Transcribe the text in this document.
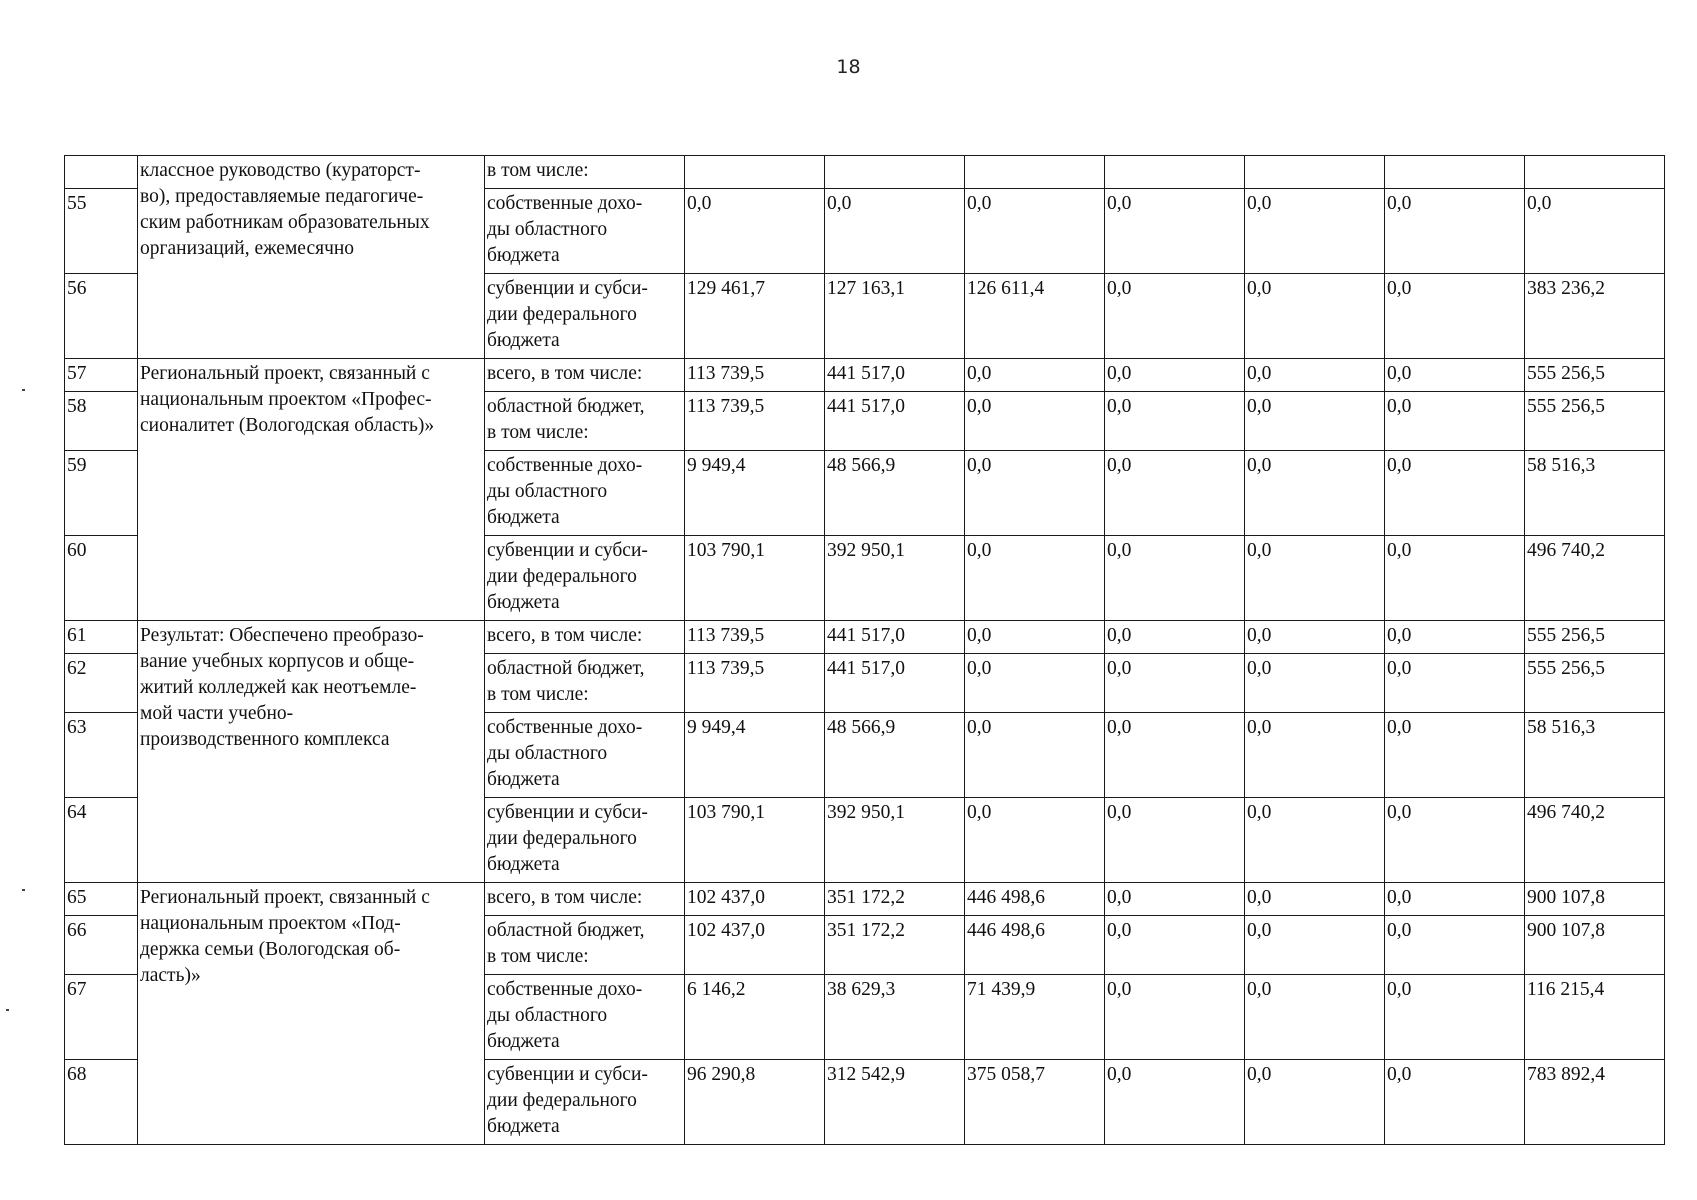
18

	классное руководство (кураторст-
во), предоставляемые педагогиче-
ским работникам образовательных
организаций, ежемесячно	в том числе:							
55		собственные дохо-
ды областного
бюджета	0,0	0,0	0,0	0,0	0,0	0,0	0,0
56		субвенции и субси-
дии федерального
бюджета	129 461,7	127 163,1	126 611,4	0,0	0,0	0,0	383 236,2
57	Региональный проект, связанный с
национальным проектом «Профес-
сионалитет (Вологодская область)»	всего, в том числе:	113 739,5	441 517,0	0,0	0,0	0,0	0,0	555 256,5
58		областной бюджет,
в том числе:	113 739,5	441 517,0	0,0	0,0	0,0	0,0	555 256,5
59		собственные дохо-
ды областного
бюджета	9 949,4	48 566,9	0,0	0,0	0,0	0,0	58 516,3
60		субвенции и субси-
дии федерального
бюджета	103 790,1	392 950,1	0,0	0,0	0,0	0,0	496 740,2
61	Результат: Обеспечено преобразо-
вание учебных корпусов и обще-
житий колледжей как неотъемле-
мой части учебно-
производственного комплекса	всего, в том числе:	113 739,5	441 517,0	0,0	0,0	0,0	0,0	555 256,5
62		областной бюджет,
в том числе:	113 739,5	441 517,0	0,0	0,0	0,0	0,0	555 256,5
63		собственные дохо-
ды областного
бюджета	9 949,4	48 566,9	0,0	0,0	0,0	0,0	58 516,3
64		субвенции и субси-
дии федерального
бюджета	103 790,1	392 950,1	0,0	0,0	0,0	0,0	496 740,2
65	Региональный проект, связанный с
национальным проектом «Под-
держка семьи (Вологодская об-
ласть)»	всего, в том числе:	102 437,0	351 172,2	446 498,6	0,0	0,0	0,0	900 107,8
66		областной бюджет,
в том числе:	102 437,0	351 172,2	446 498,6	0,0	0,0	0,0	900 107,8
67		собственные дохо-
ды областного
бюджета	6 146,2	38 629,3	71 439,9	0,0	0,0	0,0	116 215,4
68		субвенции и субси-
дии федерального
бюджета	96 290,8	312 542,9	375 058,7	0,0	0,0	0,0	783 892,4
